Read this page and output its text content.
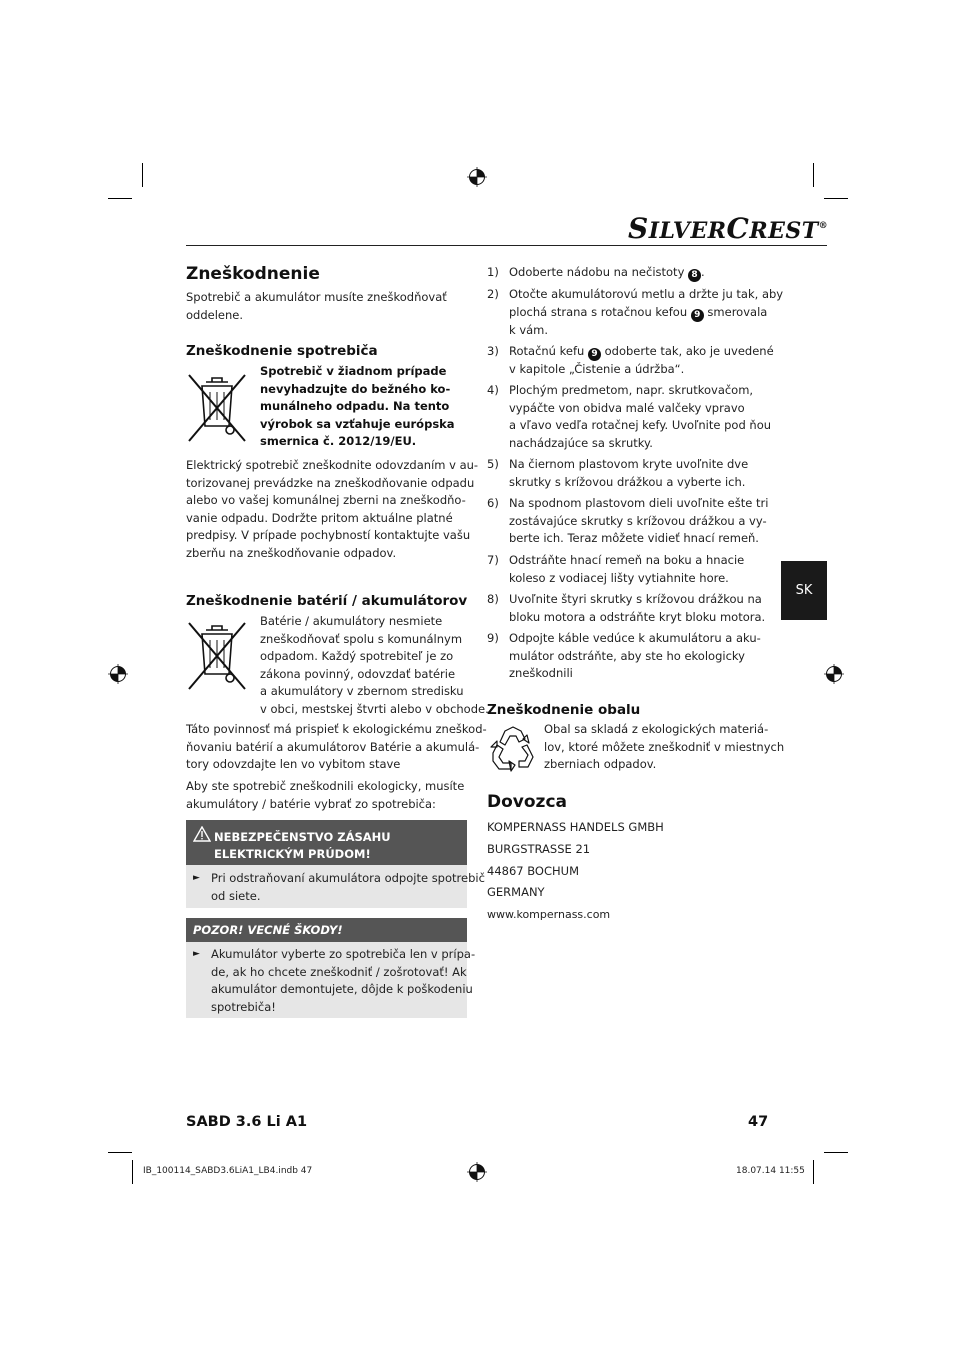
SILVERCREST®
Zneškodnenie
Spotrebič a akumulátor musíte zneškodňovať
oddelene.
Zneškodnenie spotrebiča
Spotrebič v žiadnom prípade
nevyhadzujte do bežného ko-
munálneho odpadu. Na tento
výrobok sa vzťahuje európska
smernica č. 2012/19/EU.
Elektrický spotrebič zneškodnite odovzdaním v au-
torizovanej prevádzke na zneškodňovanie odpadu
alebo vo vašej komunálnej zberni na zneškodňo-
vanie odpadu. Dodržte pritom aktuálne platné
predpisy. V prípade pochybností kontaktujte vašu
zberňu na zneškodňovanie odpadov.
Zneškodnenie batérií / akumulátorov
Batérie / akumulátory nesmiete
zneškodňovať spolu s komunálnym
odpadom. Každý spotrebiteľ je zo
zákona povinný, odovzdať batérie
a akumulátory v zbernom stredisku
v obci, mestskej štvrti alebo v obchode.
Táto povinnosť má prispieť k ekologickému zneškod-
ňovaniu batérií a akumulátorov Batérie a akumulá-
tory odovzdajte len vo vybitom stave
Aby ste spotrebič zneškodnili ekologicky, musíte
akumulátory / batérie vybrať zo spotrebiča:
NEBEZPEČENSTVO ZÁSAHU
ELEKTRICKÝM PRÚDOM!
► Pri odstraňovaní akumulátora odpojte spotrebič
od siete.
POZOR! VECNÉ ŠKODY!
► Akumulátor vyberte zo spotrebiča len v prípa-
de, ak ho chcete zneškodniť / zošrotovať! Ak
akumulátor demontujete, dôjde k poškodeniu
spotrebiča!
1) Odoberte nádobu na nečistoty 8 .
2) Otočte akumulátorovú metlu a držte ju tak, aby
plochá strana s rotačnou kefou 9 smerovala
k vám.
3) Rotačnú kefu 9 odoberte tak, ako je uvedené
v kapitole „Čistenie a údržba“.
4) Plochým predmetom, napr. skrutkovačom,
vypáčte von obidva malé valčeky vpravo
a vľavo vedľa rotačnej kefy. Uvoľnite pod ňou
nachádzajúce sa skrutky.
5) Na čiernom plastovom kryte uvoľnite dve
skrutky s krížovou drážkou a vyberte ich.
6) Na spodnom plastovom dieli uvoľnite ešte tri
zostávajúce skrutky s krížovou drážkou a vy-
berte ich. Teraz môžete vidieť hnací remeň.
7) Odstráňte hnací remeň na boku a hnacie
koleso z vodiacej lišty vytiahnite hore.
8) Uvoľnite štyri skrutky s krížovou drážkou na
bloku motora a odstráňte kryt bloku motora.
9) Odpojte káble vedúce k akumulátoru a aku-
mulátor odstráňte, aby ste ho ekologicky
zneškodnili
SK
Zneškodnenie obalu
Obal sa skladá z ekologických materiá-
lov, ktoré môžete zneškodniť v miestnych
zberniach odpadov.
Dovozca
KOMPERNASS HANDELS GMBH
BURGSTRASSE 21
44867 BOCHUM
GERMANY
www.kompernass.com
SABD 3.6 Li A1	47
IB_100114_SABD3.6LiA1_LB4.indb 47	18.07.14 11:55
